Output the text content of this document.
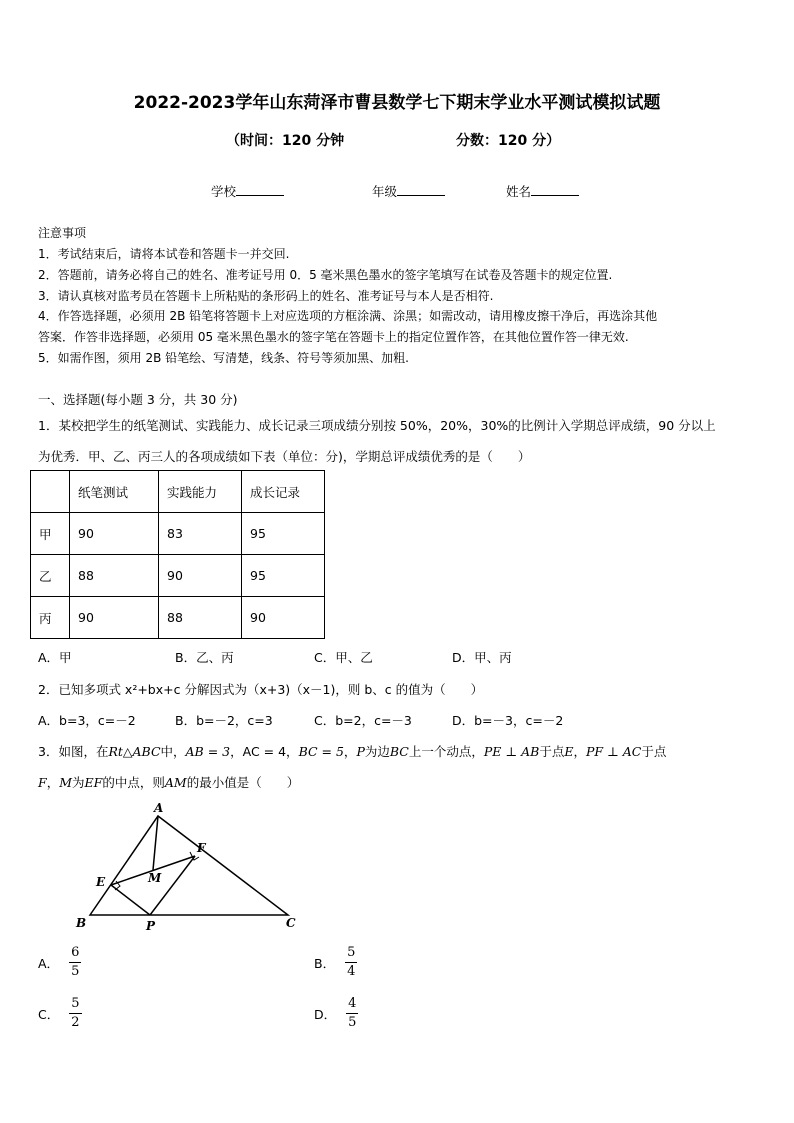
2022-2023学年山东菏泽市曹县数学七下期末学业水平测试模拟试题
（时间：120 分钟	分数：120 分）
学校	年级	姓名
注意事项
1．考试结束后，请将本试卷和答题卡一并交回.
2．答题前，请务必将自己的姓名、准考证号用 0．5 毫米黑色墨水的签字笔填写在试卷及答题卡的规定位置.
3．请认真核对监考员在答题卡上所粘贴的条形码上的姓名、准考证号与本人是否相符.
4．作答选择题，必须用 2B 铅笔将答题卡上对应选项的方框涂满、涂黑；如需改动，请用橡皮擦干净后，再选涂其他
答案．作答非选择题，必须用 05 毫米黑色墨水的签字笔在答题卡上的指定位置作答，在其他位置作答一律无效.
5．如需作图，须用 2B 铅笔绘、写清楚，线条、符号等须加黑、加粗.
一、选择题(每小题 3 分，共 30 分)
1．某校把学生的纸笔测试、实践能力、成长记录三项成绩分别按 50%，20%，30%的比例计入学期总评成绩，90 分以上
为优秀．甲、乙、丙三人的各项成绩如下表（单位：分)，学期总评成绩优秀的是（　　）
	纸笔测试	实践能力	成长记录
甲	90	83	95
乙	88	90	95
丙	90	88	90
A．甲	B．乙、丙	C．甲、乙	D．甲、丙
2．已知多项式 x²+bx+c 分解因式为（x+3)（x－1)，则 b、c 的值为（　　）
A．b=3，c=－2	B．b=－2，c=3	C．b=2，c=－3	D．b=－3，c=－2
3．如图，在Rt△ABC中，AB = 3，AC = 4，BC = 5，P为边BC上一个动点，PE ⊥ AB于点E，PF ⊥ AC于点
F，M为EF的中点，则AM的最小值是（　　）
A
B	C
E
F
M
P
A． $\frac{6}{5}$	B． $\frac{5}{4}$
C． $\frac{5}{2}$	D． $\frac{4}{5}$
